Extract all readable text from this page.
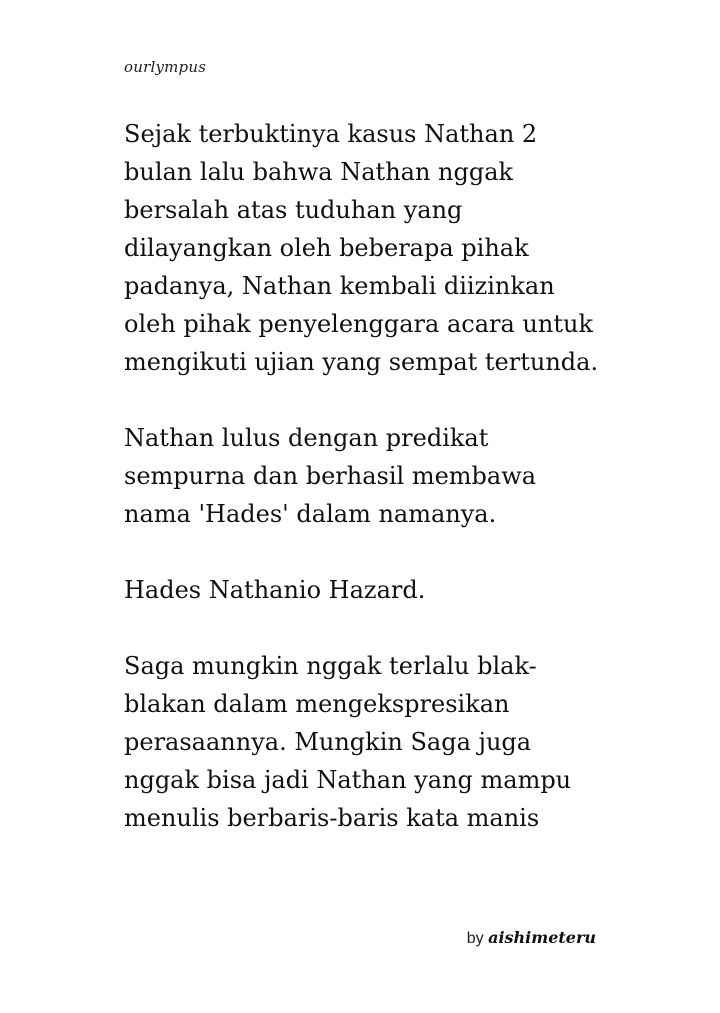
ourlympus

Sejak terbuktinya kasus Nathan 2 bulan lalu bahwa Nathan nggak bersalah atas tuduhan yang dilayangkan oleh beberapa pihak padanya, Nathan kembali diizinkan oleh pihak penyelenggara acara untuk mengikuti ujian yang sempat tertunda.

Nathan lulus dengan predikat sempurna dan berhasil membawa nama 'Hades' dalam namanya.

Hades Nathanio Hazard.

Saga mungkin nggak terlalu blak-blakan dalam mengekspresikan perasaannya. Mungkin Saga juga nggak bisa jadi Nathan yang mampu menulis berbaris-baris kata manis

by aishimeteru
